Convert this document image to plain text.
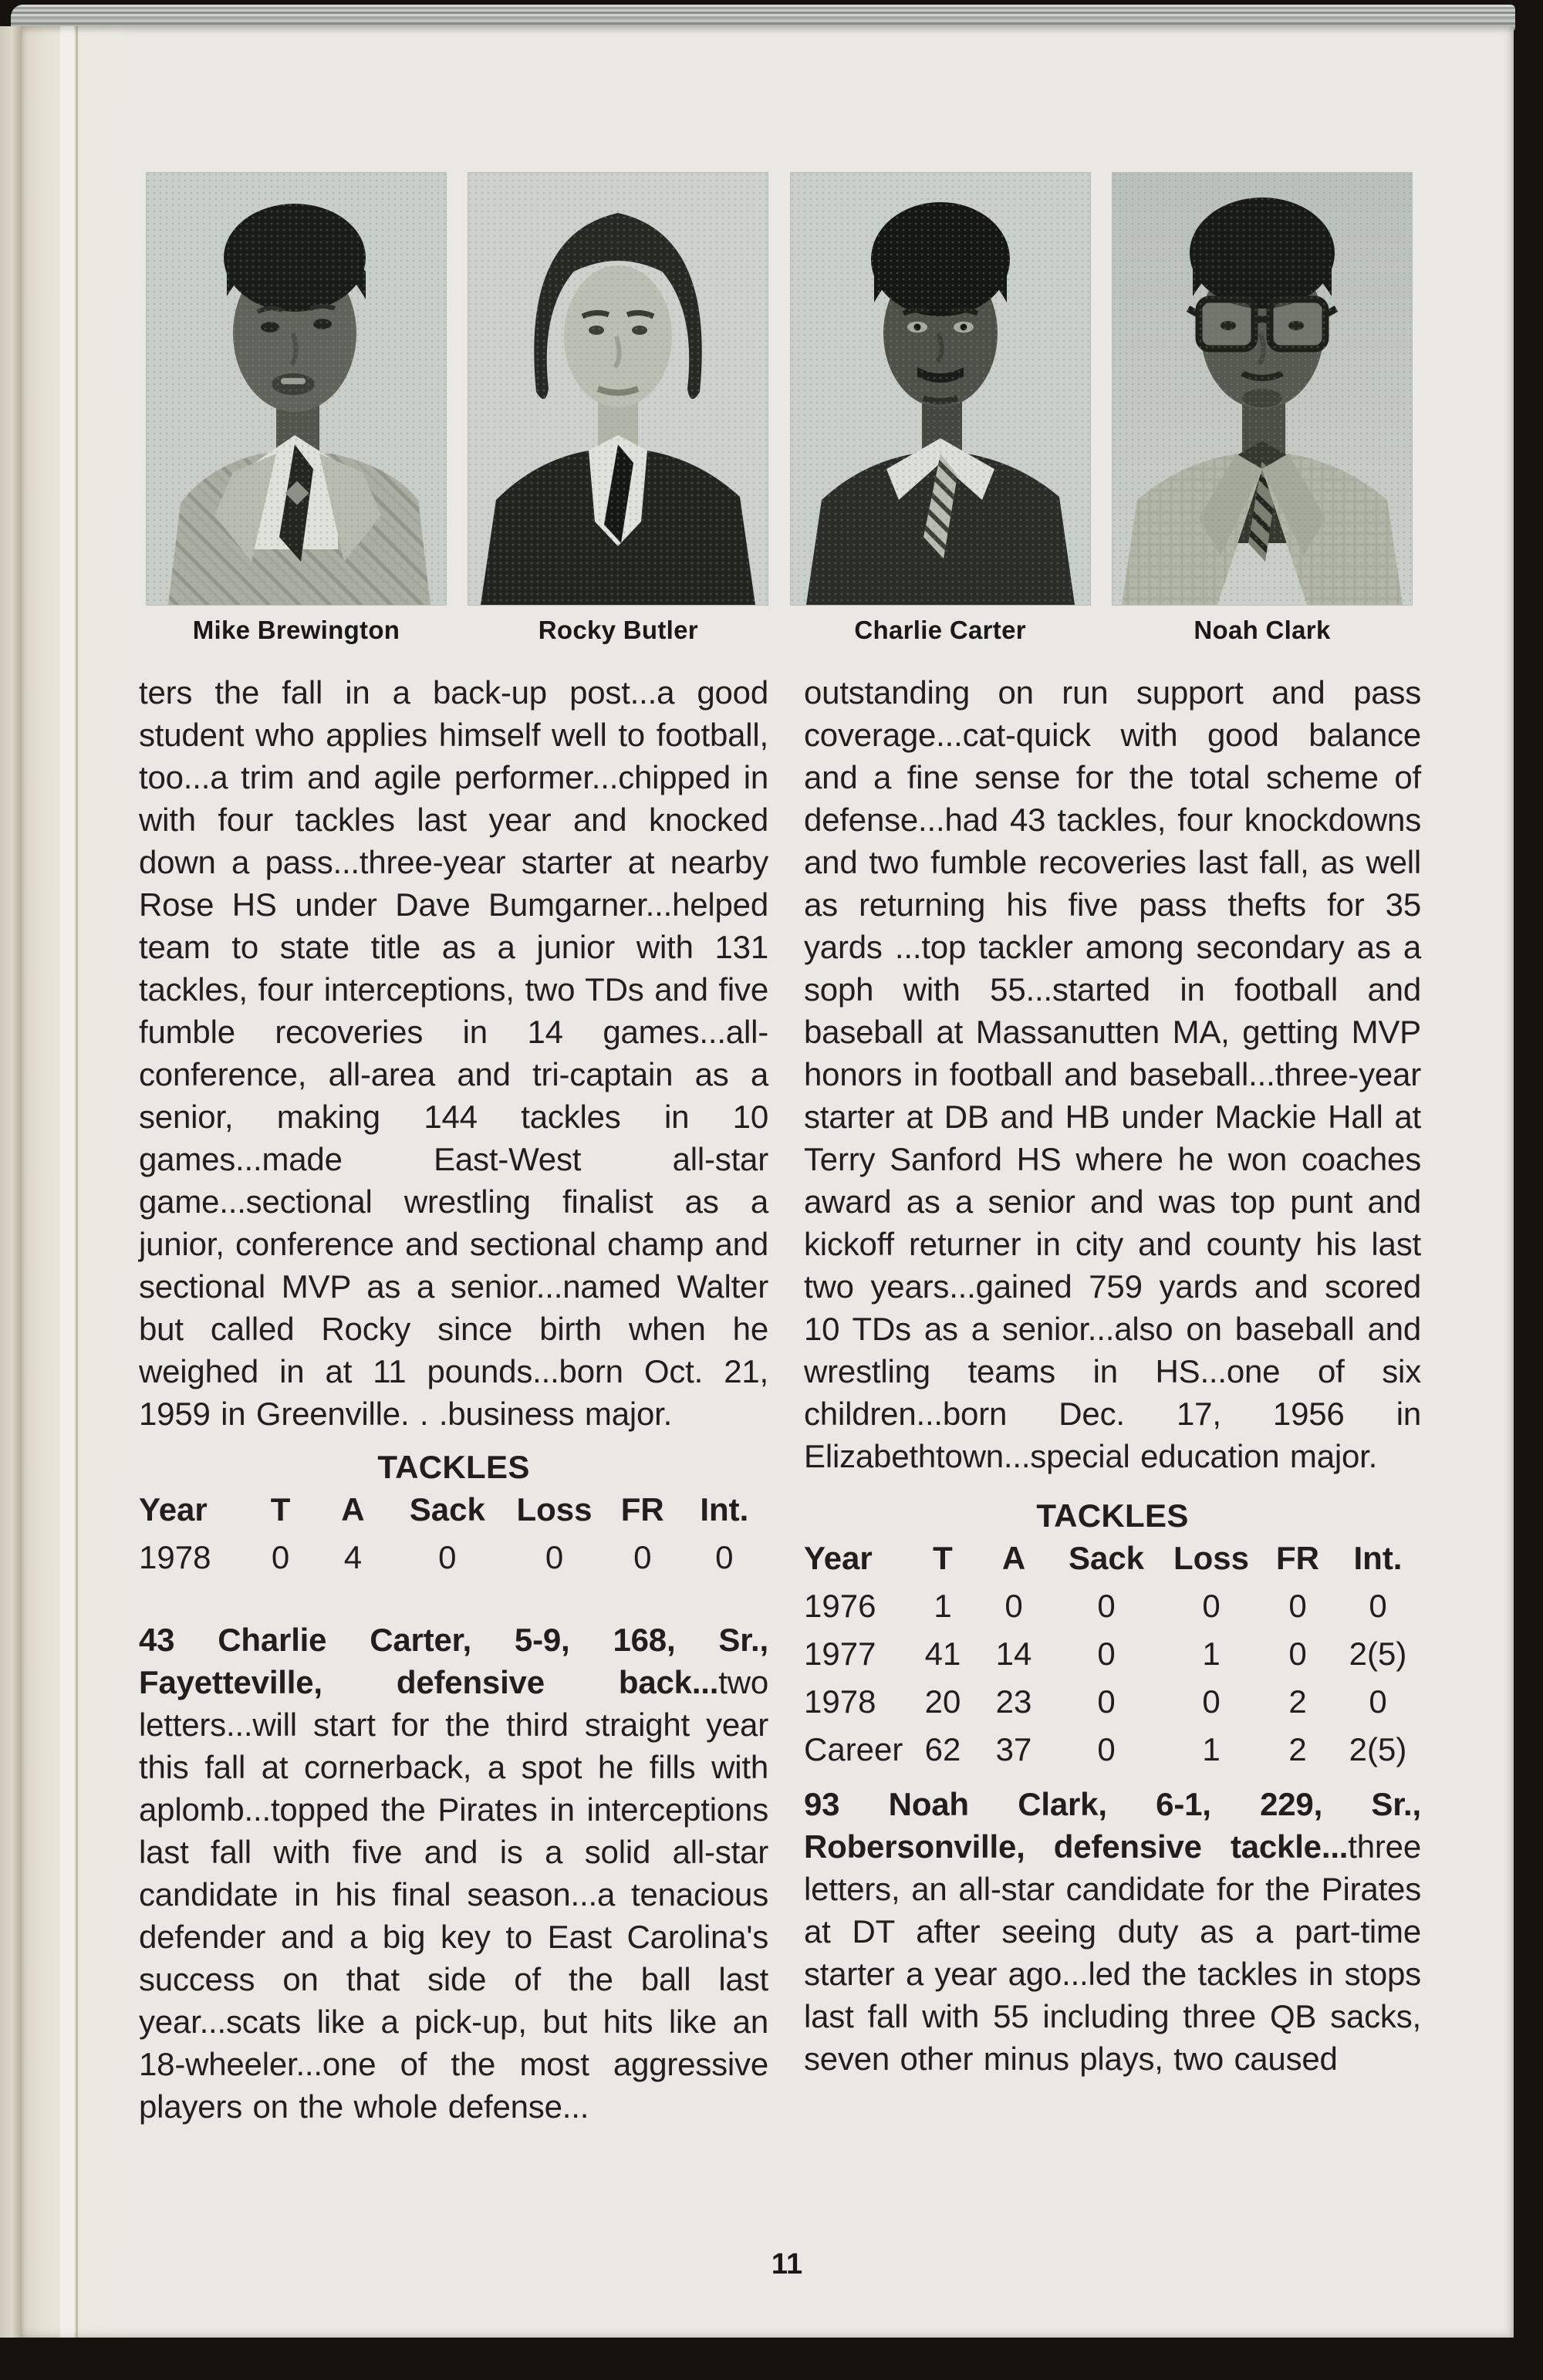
Mike Brewington	Rocky Butler	Charlie Carter	Noah Clark

ters the fall in a back-up post...a good student who applies himself well to football, too...a trim and agile performer...chipped in with four tackles last year and knocked down a pass...three-year starter at nearby Rose HS under Dave Bumgarner...helped team to state title as a junior with 131 tackles, four interceptions, two TDs and five fumble recoveries in 14 games...all-conference, all-area and tri-captain as a senior, making 144 tackles in 10 games...made East-West all-star game...sectional wrestling finalist as a junior, conference and sectional champ and sectional MVP as a senior...named Walter but called Rocky since birth when he weighed in at 11 pounds...born Oct. 21, 1959 in Greenville. . .business major.

TACKLES
Year	T	A	Sack	Loss	FR	Int.
1978	0	4	0	0	0	0

43 Charlie Carter, 5-9, 168, Sr., Fayetteville, defensive back...two letters...will start for the third straight year this fall at cornerback, a spot he fills with aplomb...topped the Pirates in interceptions last fall with five and is a solid all-star candidate in his final season...a tenacious defender and a big key to East Carolina's success on that side of the ball last year...scats like a pick-up, but hits like an 18-wheeler...one of the most aggressive players on the whole defense...

outstanding on run support and pass coverage...cat-quick with good balance and a fine sense for the total scheme of defense...had 43 tackles, four knockdowns and two fumble recoveries last fall, as well as returning his five pass thefts for 35 yards ...top tackler among secondary as a soph with 55...started in football and baseball at Massanutten MA, getting MVP honors in football and baseball...three-year starter at DB and HB under Mackie Hall at Terry Sanford HS where he won coaches award as a senior and was top punt and kickoff returner in city and county his last two years...gained 759 yards and scored 10 TDs as a senior...also on baseball and wrestling teams in HS...one of six children...born Dec. 17, 1956 in Elizabethtown...special education major.

TACKLES
Year	T	A	Sack	Loss	FR	Int.
1976	1	0	0	0	0	0
1977	41	14	0	1	0	2(5)
1978	20	23	0	0	2	0
Career	62	37	0	1	2	2(5)

93 Noah Clark, 6-1, 229, Sr., Robersonville, defensive tackle...three letters, an all-star candidate for the Pirates at DT after seeing duty as a part-time starter a year ago...led the tackles in stops last fall with 55 including three QB sacks, seven other minus plays, two caused

11
